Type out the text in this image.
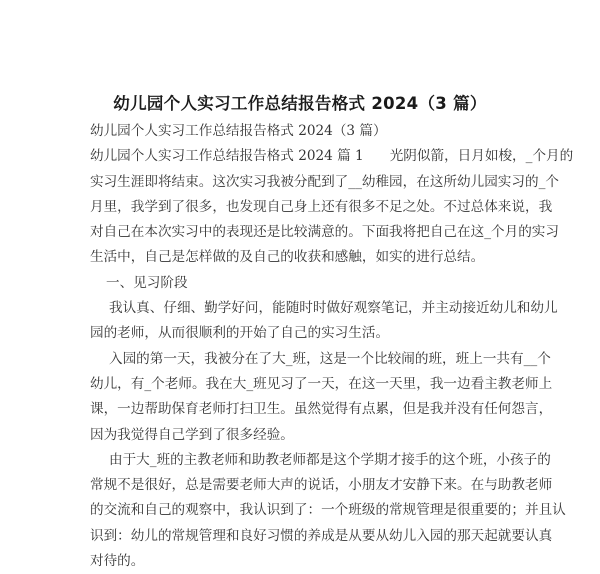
幼儿园个人实习工作总结报告格式 2024（3 篇）
幼儿园个人实习工作总结报告格式 2024（3 篇）
幼儿园个人实习工作总结报告格式 2024 篇 1 光阴似箭，日月如梭，_个月的
实习生涯即将结束。这次实习我被分配到了__幼稚园，在这所幼儿园实习的_个
月里，我学到了很多，也发现自己身上还有很多不足之处。不过总体来说，我
对自己在本次实习中的表现还是比较满意的。下面我将把自己在这_个月的实习
生活中，自己是怎样做的及自己的收获和感触，如实的进行总结。
一、见习阶段
我认真、仔细、勤学好问，能随时时做好观察笔记，并主动接近幼儿和幼儿
园的老师，从而很顺利的开始了自己的实习生活。
入园的第一天，我被分在了大_班，这是一个比较闹的班，班上一共有__个
幼儿，有_个老师。我在大_班见习了一天，在这一天里，我一边看主教老师上
课，一边帮助保育老师打扫卫生。虽然觉得有点累，但是我并没有任何怨言，
因为我觉得自己学到了很多经验。
由于大_班的主教老师和助教老师都是这个学期才接手的这个班，小孩子的
常规不是很好，总是需要老师大声的说话，小朋友才安静下来。在与助教老师
的交流和自己的观察中，我认识到了：一个班级的常规管理是很重要的；并且认
识到：幼儿的常规管理和良好习惯的养成是从要从幼儿入园的那天起就要认真
对待的。
